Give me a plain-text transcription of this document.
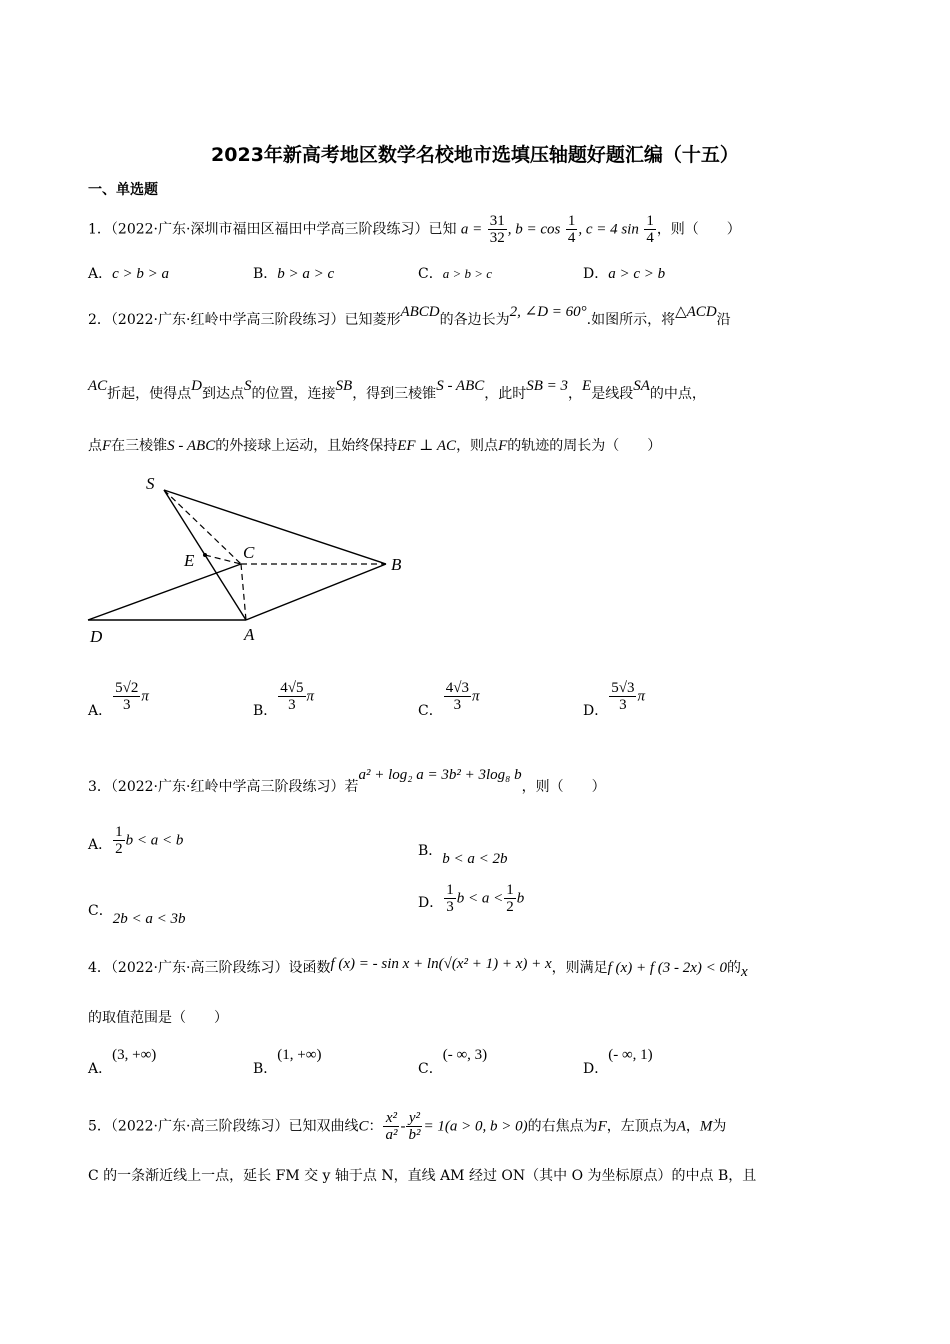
2023年新高考地区数学名校地市选填压轴题好题汇编（十五）
一、单选题
1．（2022·广东·深圳市福田区福田中学高三阶段练习）已知 $a = \frac{31}{32}$ , $b = \cos \frac{1}{4}$ , c = 4 $\sin \frac{1}{4}$ ，则（　　）
A．c > b > a	B．b > a > c	C．a > b > c	D．a > c > b
2．（2022·广东·红岭中学高三阶段练习）已知菱形ABCD的各边长为2, ∠D = 60°.如图所示，将△ACD沿
AC折起，使得点D到达点S的位置，连接SB，得到三棱锥S - ABC，此时SB = 3，E是线段SA的中点，
点F在三棱锥S - ABC的外接球上运动，且始终保持EF ⊥ AC，则点F的轨迹的周长为（　　）
S
E	C
B
D	A
A． $\frac{5√2}{3}$ π
B． $\frac{4√5}{3}$ π
C． $\frac{4√3}{3}$ π
D． $\frac{5√3}{3}$ π
3．（2022·广东·红岭中学高三阶段练习）若a² + log₂ a = 3b² + 3log₈ b，则（　　）
A． $\frac{1}{2}$ b < a < b
B．b < a < 2b
C．2b < a < 3b
D． $\frac{1}{3}$ $b < a < \frac{1}{2}$ b
4．（2022·广东·高三阶段练习）设函数f (x) = - sin x + ln(√(x² + 1) + x) + x，则满足f (x) + f (3 - 2x) < 0的x
的取值范围是（　　）
A．(3, +∞)
B．(1, +∞)
C．(- ∞, 3)
D．(- ∞, 1)
5．（2022·广东·高三阶段练习）已知双曲线C： $\frac{\text{x²}}{\text{a²}} - \frac{\text{y²}}{\text{b²}} = 1(a > 0$, b > 0)的右焦点为F，左顶点为A，M为
C 的一条渐近线上一点，延长 FM 交 y 轴于点 N，直线 AM 经过 ON（其中 O 为坐标原点）的中点 B，且
